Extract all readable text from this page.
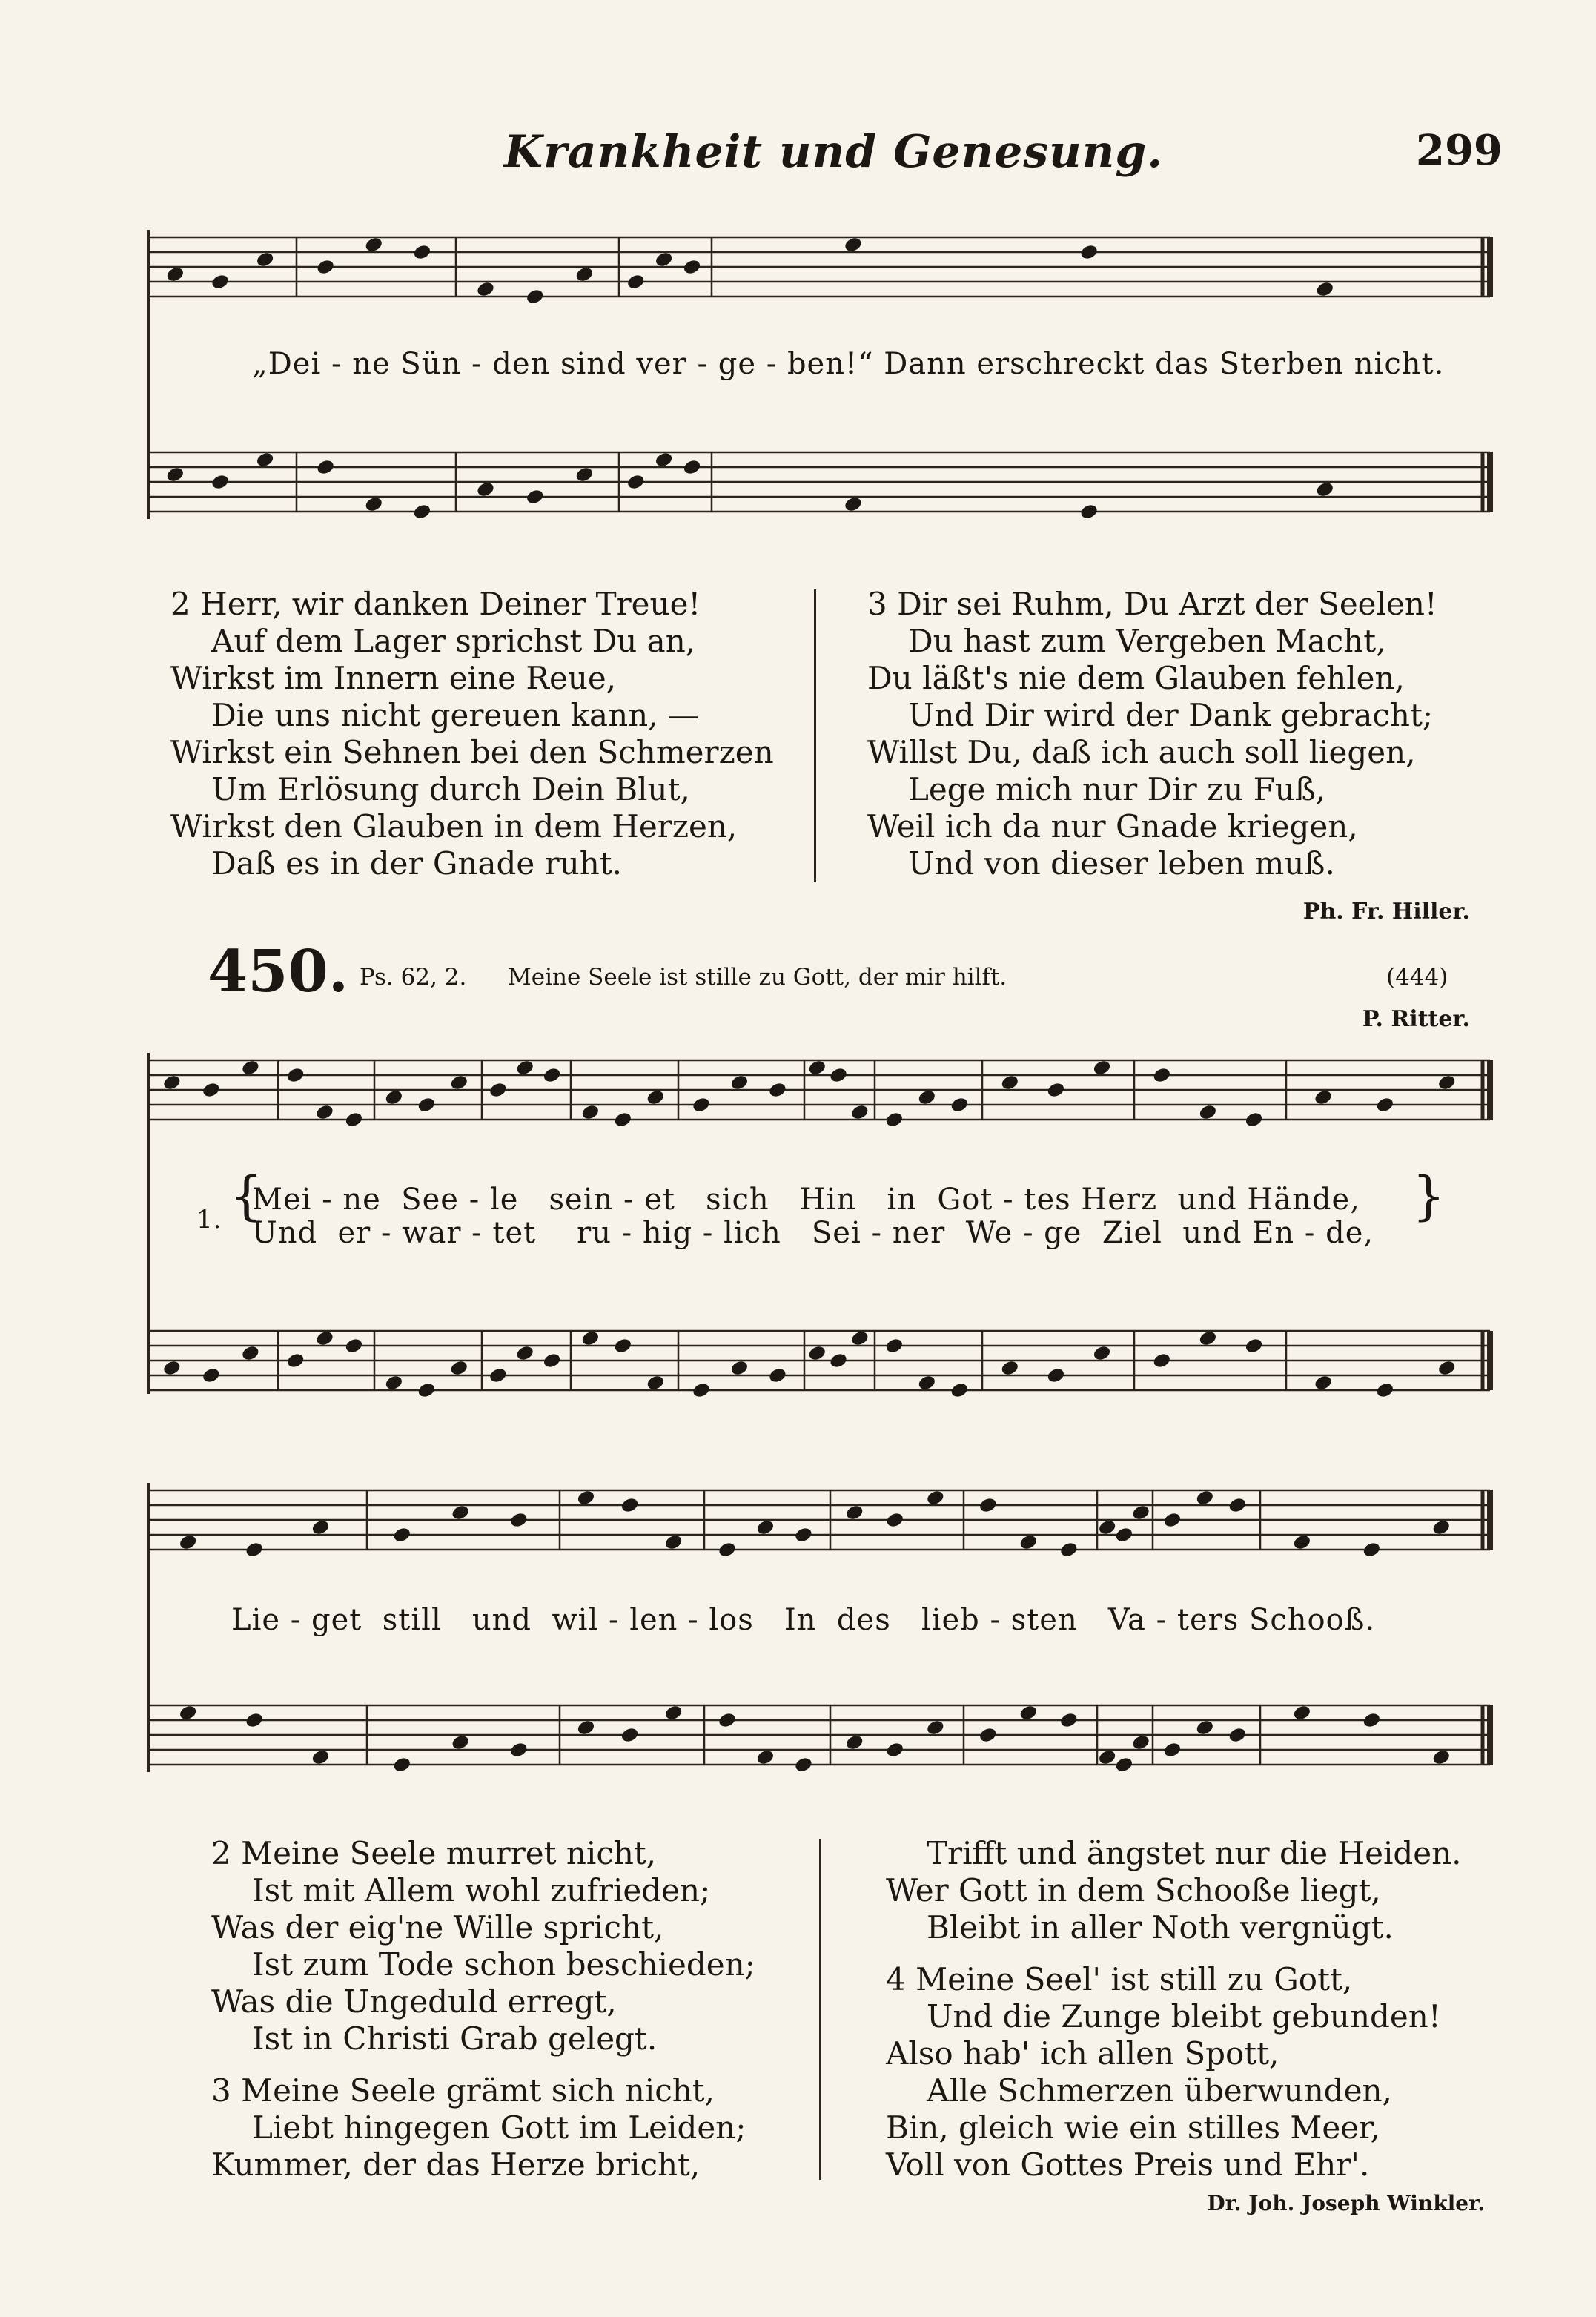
Krankheit und Genesung.	299
„Dei - ne Sün - den sind ver - ge - ben!“ Dann erschreckt das Sterben nicht.
2 Herr, wir danken Deiner Treue!
Auf dem Lager sprichst Du an,
Wirkst im Innern eine Reue,
Die uns nicht gereuen kann, —
Wirkst ein Sehnen bei den Schmerzen
Um Erlösung durch Dein Blut,
Wirkst den Glauben in dem Herzen,
Daß es in der Gnade ruht.
3 Dir sei Ruhm, Du Arzt der Seelen!
Du hast zum Vergeben Macht,
Du läßt's nie dem Glauben fehlen,
Und Dir wird der Dank gebracht;
Willst Du, daß ich auch soll liegen,
Lege mich nur Dir zu Fuß,
Weil ich da nur Gnade kriegen,
Und von dieser leben muß.
Ph. Fr. Hiller.
450. Ps. 62, 2. Meine Seele ist stille zu Gott, der mir hilft.	(444)
P. Ritter.
1. {
Mei - ne  See - le   sein - et   sich   Hin   in  Got - tes Herz  und Hände,
Und  er - war - tet    ru - hig - lich   Sei - ner  We - ge  Ziel  und En - de,
}
Lie - get  still   und  wil - len - los   In  des   lieb - sten   Va - ters Schooß.
2 Meine Seele murret nicht,
Ist mit Allem wohl zufrieden;
Was der eig'ne Wille spricht,
Ist zum Tode schon beschieden;
Was die Ungeduld erregt,
Ist in Christi Grab gelegt.
3 Meine Seele grämt sich nicht,
Liebt hingegen Gott im Leiden;
Kummer, der das Herze bricht,
Trifft und ängstet nur die Heiden.
Wer Gott in dem Schooße liegt,
Bleibt in aller Noth vergnügt.
4 Meine Seel' ist still zu Gott,
Und die Zunge bleibt gebunden!
Also hab' ich allen Spott,
Alle Schmerzen überwunden,
Bin, gleich wie ein stilles Meer,
Voll von Gottes Preis und Ehr'.
Dr. Joh. Joseph Winkler.
